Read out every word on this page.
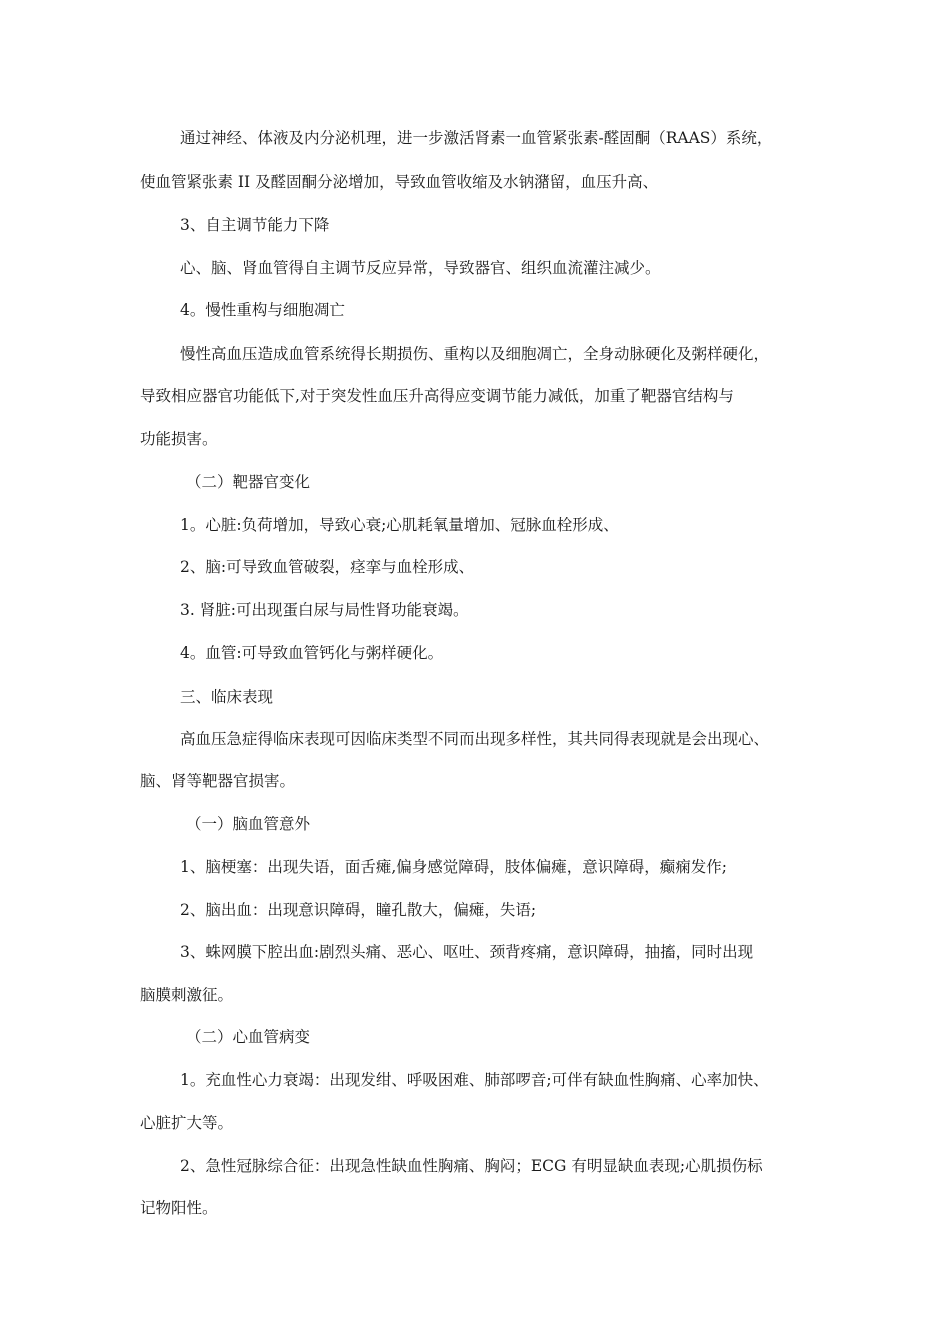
通过神经、体液及内分泌机理，进一步激活肾素一血管紧张素-醛固酮（RAAS）系统，

使血管紧张素 II 及醛固酮分泌增加，导致血管收缩及水钠潴留，血压升高、

3、自主调节能力下降

心、脑、肾血管得自主调节反应异常，导致器官、组织血流灌注减少。

4。慢性重构与细胞凋亡

慢性高血压造成血管系统得长期损伤、重构以及细胞凋亡，全身动脉硬化及粥样硬化，

导致相应器官功能低下,对于突发性血压升高得应变调节能力减低，加重了靶器官结构与

功能损害。

（二）靶器官变化

1。心脏:负荷增加，导致心衰;心肌耗氧量增加、冠脉血栓形成、

2、脑:可导致血管破裂，痉挛与血栓形成、

3. 肾脏:可出现蛋白尿与局性肾功能衰竭。

4。血管:可导致血管钙化与粥样硬化。

三、临床表现

高血压急症得临床表现可因临床类型不同而出现多样性，其共同得表现就是会出现心、

脑、肾等靶器官损害。

（一）脑血管意外

1、脑梗塞：出现失语，面舌瘫,偏身感觉障碍，肢体偏瘫，意识障碍，癫痫发作;

2、脑出血：出现意识障碍，瞳孔散大，偏瘫，失语;

3、蛛网膜下腔出血:剧烈头痛、恶心、呕吐、颈背疼痛，意识障碍，抽搐，同时出现

脑膜刺激征。

（二）心血管病变

1。充血性心力衰竭：出现发绀、呼吸困难、肺部啰音;可伴有缺血性胸痛、心率加快、

心脏扩大等。

2、急性冠脉综合征：出现急性缺血性胸痛、胸闷；ECG 有明显缺血表现;心肌损伤标

记物阳性。
